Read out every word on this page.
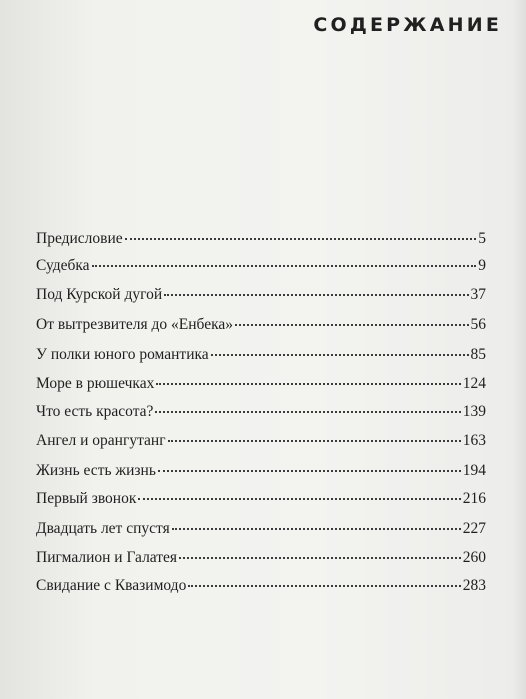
СОДЕРЖАНИЕ
Предисловие	5
Судебка	9
Под Курской дугой	37
От вытрезвителя до «Енбека»	56
У полки юного романтика	85
Море в рюшечках	124
Что есть красота?	139
Ангел и орангутанг	163
Жизнь есть жизнь	194
Первый звонок	216
Двадцать лет спустя	227
Пигмалион и Галатея	260
Свидание с Квазимодо	283
